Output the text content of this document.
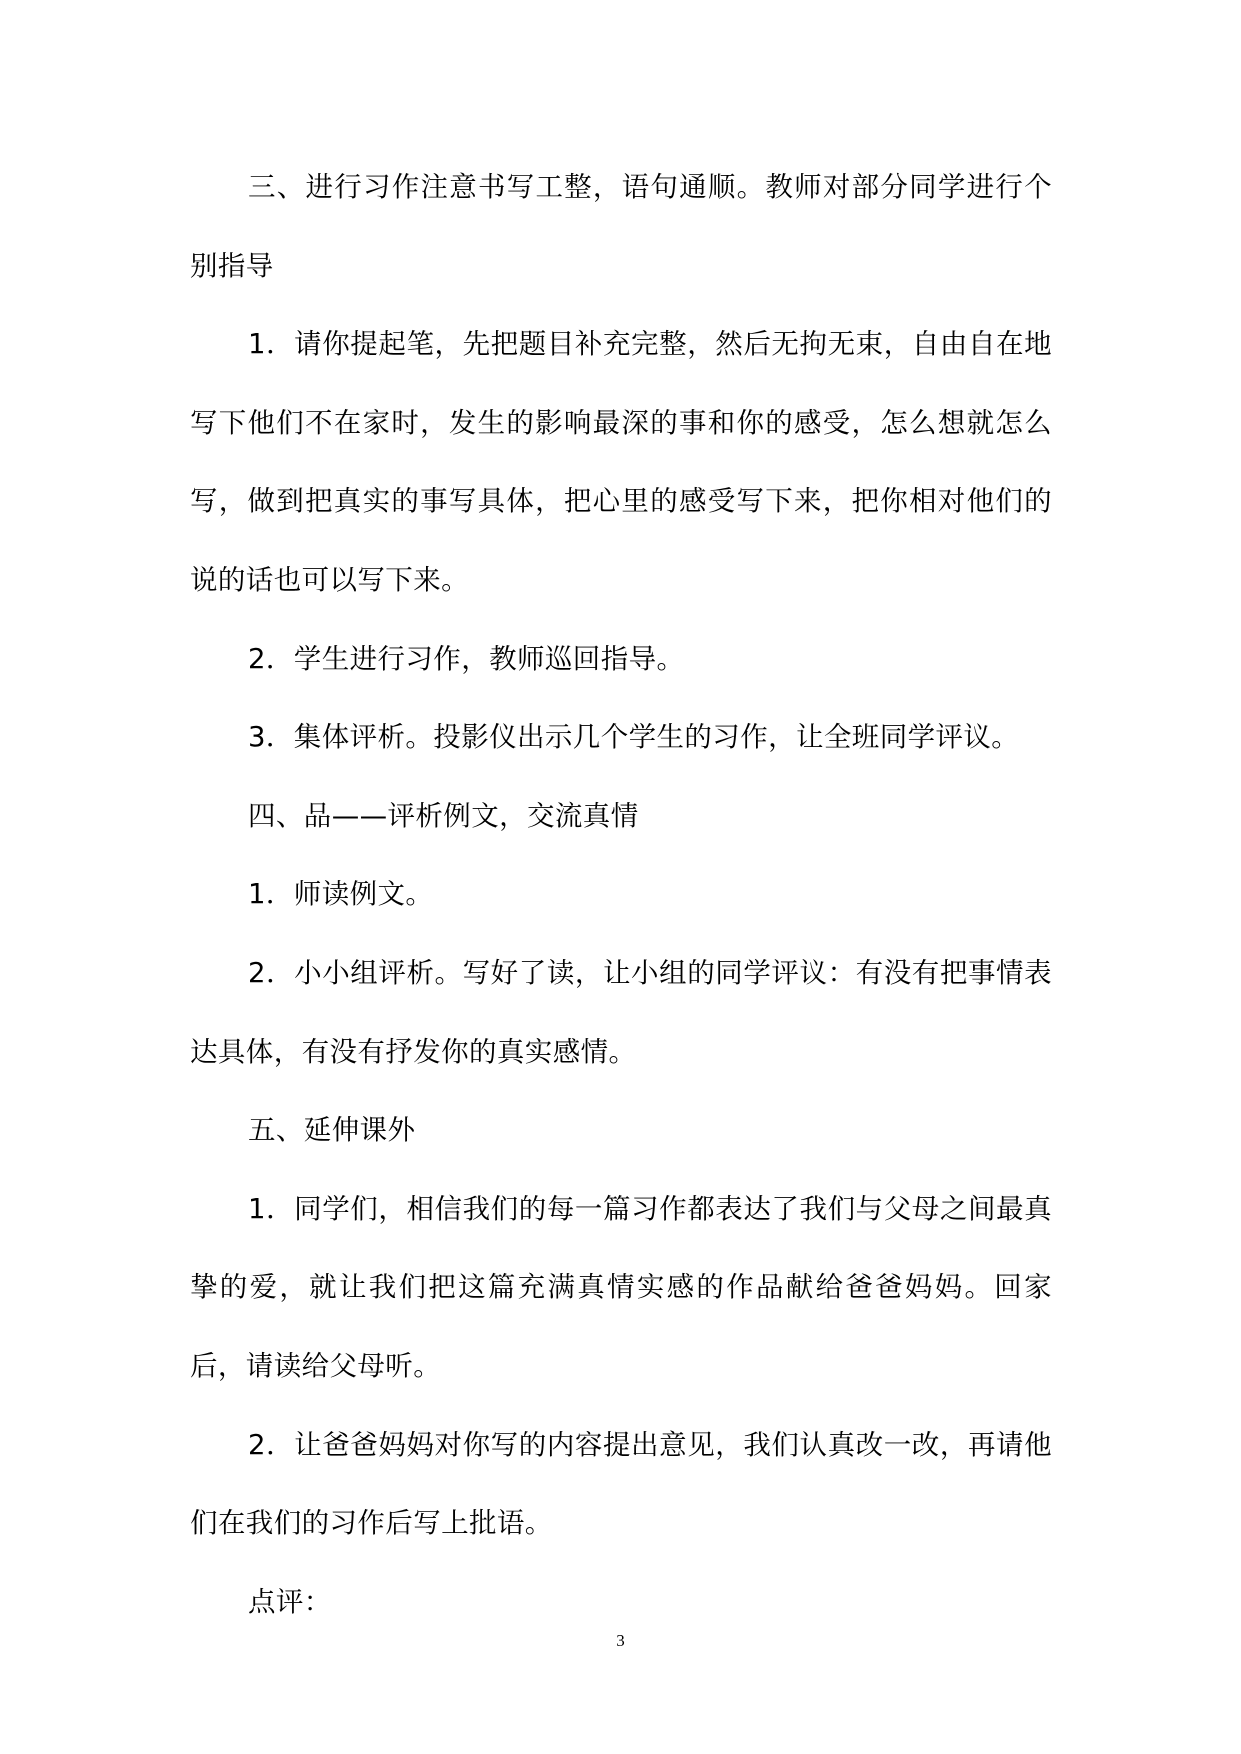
三、进行习作注意书写工整，语句通顺。教师对部分同学进行个别指导

1．请你提起笔，先把题目补充完整，然后无拘无束，自由自在地写下他们不在家时，发生的影响最深的事和你的感受，怎么想就怎么写，做到把真实的事写具体，把心里的感受写下来，把你相对他们的说的话也可以写下来。

2．学生进行习作，教师巡回指导。

3．集体评析。投影仪出示几个学生的习作，让全班同学评议。

四、品——评析例文，交流真情

1．师读例文。

2．小小组评析。写好了读，让小组的同学评议：有没有把事情表达具体，有没有抒发你的真实感情。

五、延伸课外

1．同学们，相信我们的每一篇习作都表达了我们与父母之间最真挚的爱，就让我们把这篇充满真情实感的作品献给爸爸妈妈。回家后，请读给父母听。

2．让爸爸妈妈对你写的内容提出意见，我们认真改一改，再请他们在我们的习作后写上批语。

点评：

3
